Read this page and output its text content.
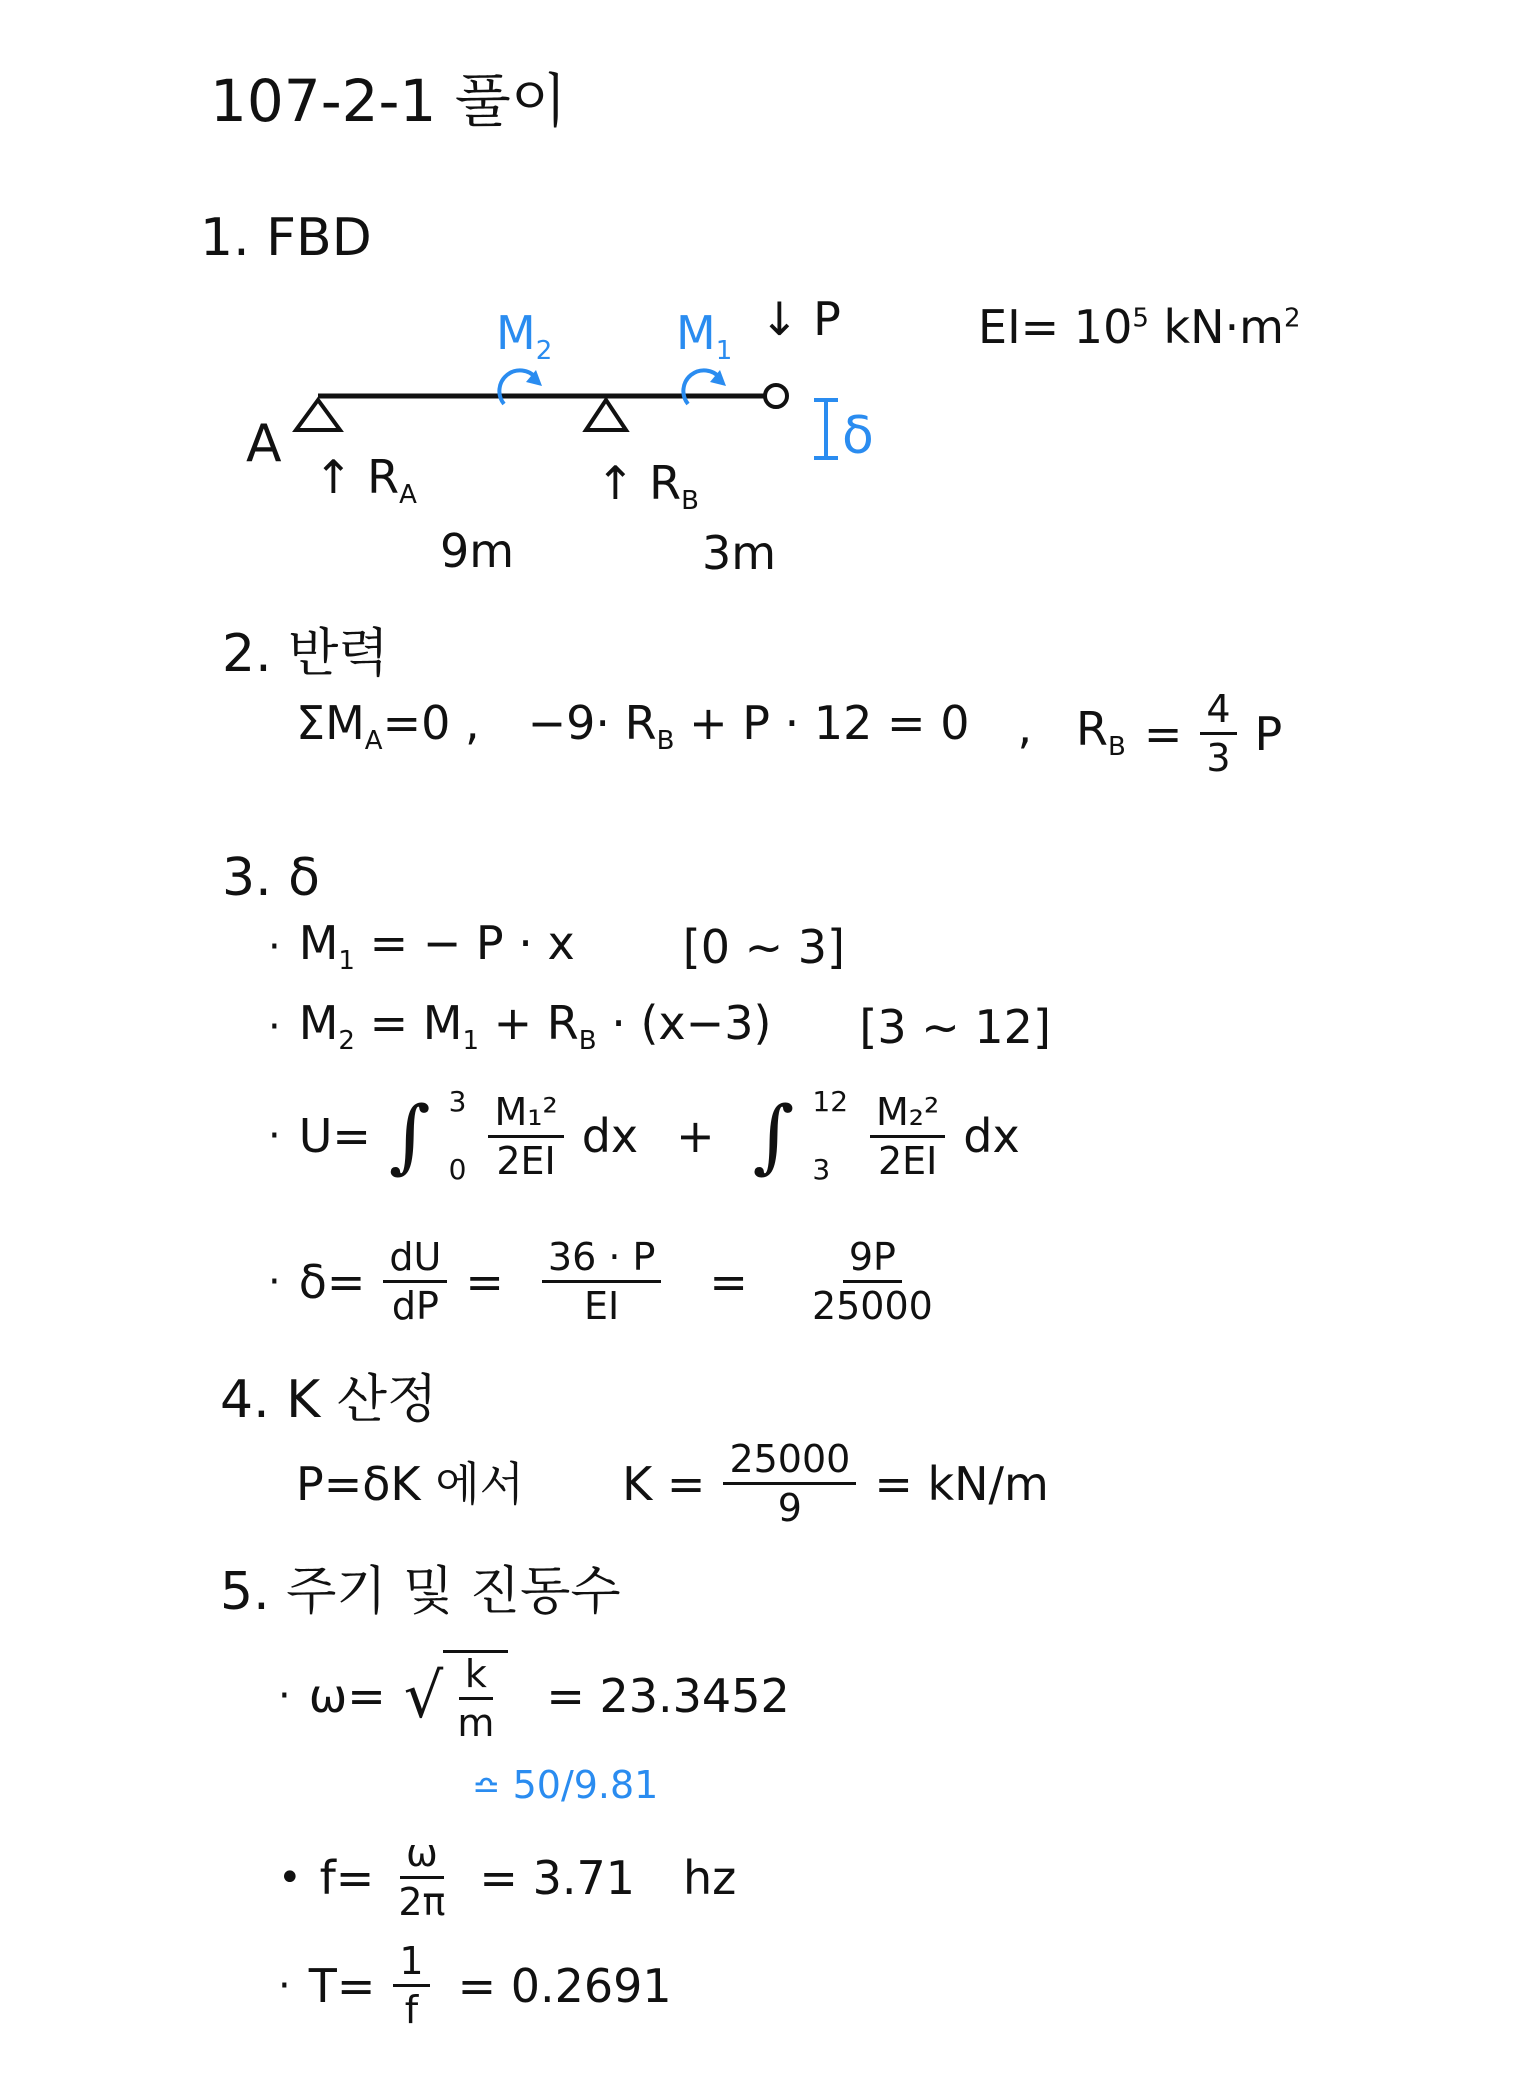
107-2-1 풀이
1. FBD
A
↑ $R_A$	↑ $R_B$
↓ P
$M_2$	$M_1$
δ
9m	3m
$EI= 10^5$ $kN\cdot m^2$
2. 반력
$\Sigma M_A=0$ , $-9\cdot R_B + P \cdot 12 = 0$ , $R_B = \frac{4}{3}$ P
3. δ
· $M_1$ = − P · x [0 ~ 3]
· $M_2 = M_1 + R_B \cdot (x-3)$ [3 ~ 12]
· U= ∫ 3
$0 \frac{\text{M₁²}}{2EI}$ dx + ∫ 12
3	$\frac{\text{M₂²}}{2EI}$ dx
· $\delta= \frac{dU}{dP} = \frac{36 \cdot P}{EI} = \frac{9P}{25000}$
4. K 산정
P=δK 에서 $K = \frac{25000}{9} = kN/m$
5. 주기 및 진동수
· ω= √ $\frac{k}{m} = 23.3452$
≏ 50/9.81
• $f= \frac{\omega}{2\pi} = 3.71$ hz
· $T= \frac{1}{f} = 0.2691$
